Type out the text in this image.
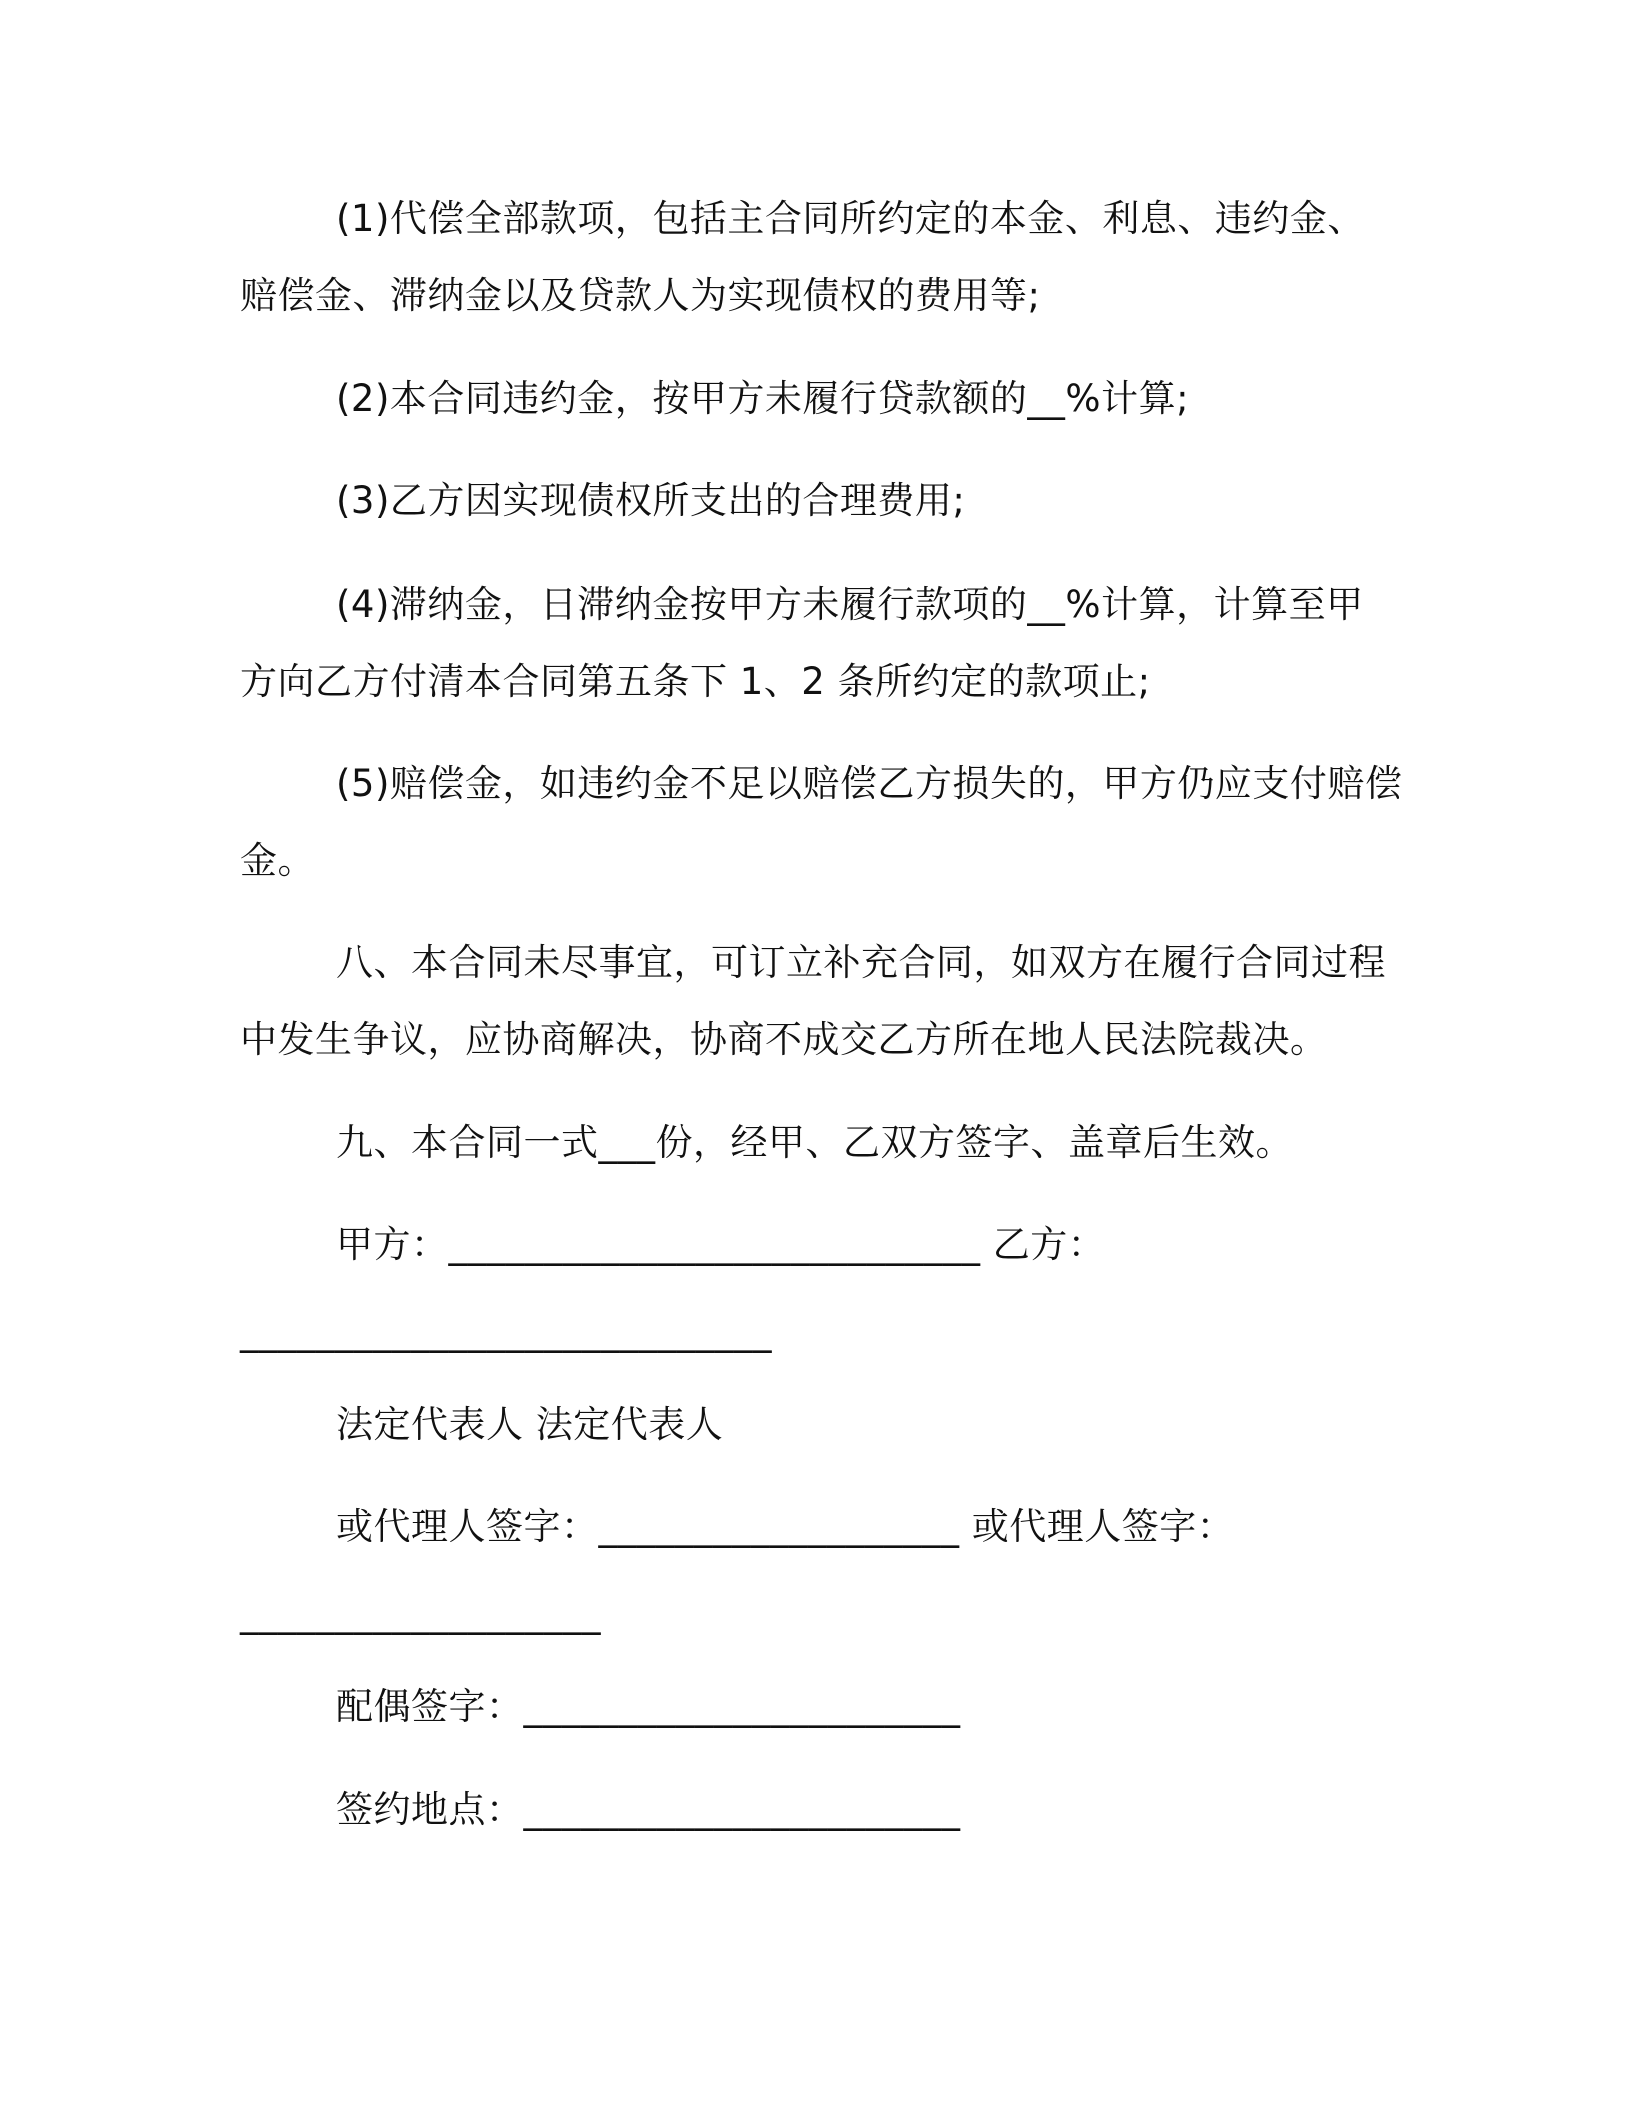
(1)代偿全部款项，包括主合同所约定的本金、利息、违约金、
赔偿金、滞纳金以及贷款人为实现债权的费用等;
(2)本合同违约金，按甲方未履行贷款额的__%计算;
(3)乙方因实现债权所支出的合理费用;
(4)滞纳金，日滞纳金按甲方未履行款项的__%计算，计算至甲
方向乙方付清本合同第五条下 1、2 条所约定的款项止;
(5)赔偿金，如违约金不足以赔偿乙方损失的，甲方仍应支付赔偿
金。
八、本合同未尽事宜，可订立补充合同，如双方在履行合同过程
中发生争议，应协商解决，协商不成交乙方所在地人民法院裁决。
九、本合同一式___份，经甲、乙双方签字、盖章后生效。
甲方：____________________________ 乙方：
____________________________
法定代表人 法定代表人
或代理人签字：___________________ 或代理人签字：
___________________
配偶签字：_______________________
签约地点：_______________________
